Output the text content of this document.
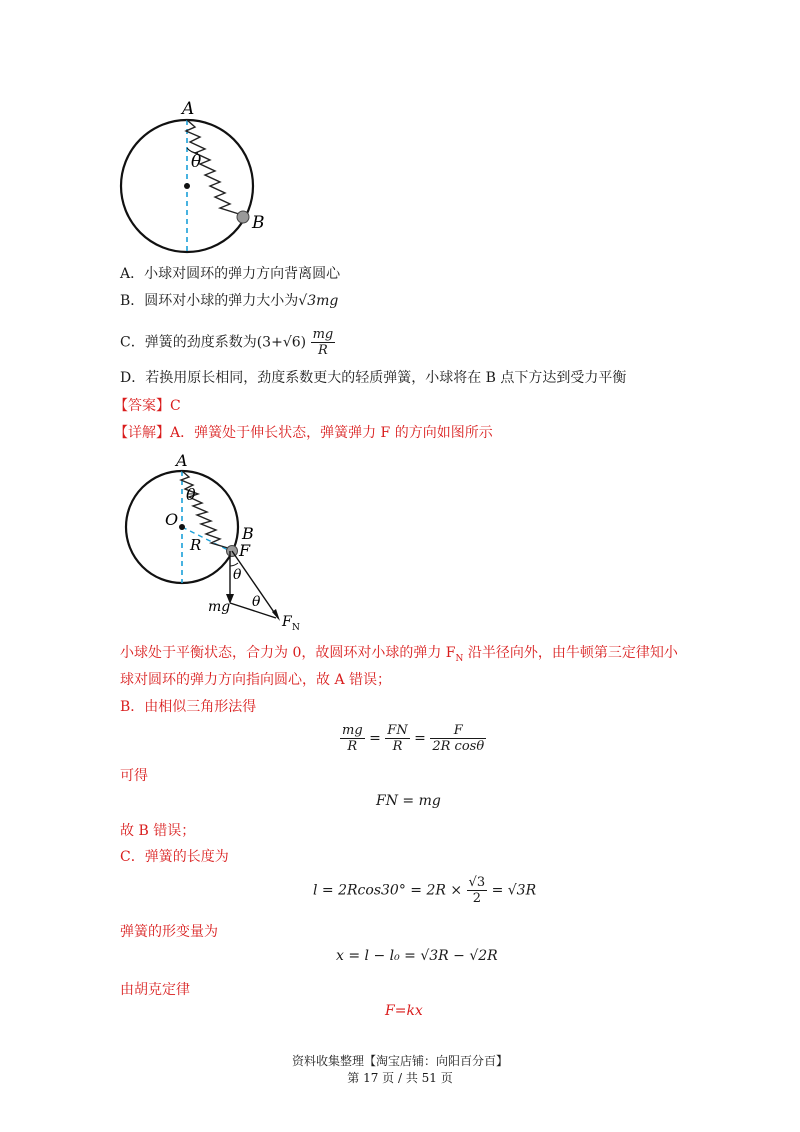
A
B
θ
A．小球对圆环的弹力方向背离圆心
B．圆环对小球的弹力大小为√3mg
C．弹簧的劲度系数为$(3+√6) \frac{mg}{R}$
D．若换用原长相同，劲度系数更大的轻质弹簧，小球将在 B 点下方达到受力平衡
【答案】C
【详解】A．弹簧处于伸长状态，弹簧弹力 F 的方向如图所示
A
O
R
B
F
θ
θ
θ
mg
F N
小球处于平衡状态，合力为 0，故圆环对小球的弹力 $F_N$ 沿半径向外，由牛顿第三定律知小
球对圆环的弹力方向指向圆心，故 A 错误；
B．由相似三角形法得
$\frac{mg}{R} = \frac{FN}{R} = \frac{F}{\text{2R cosθ}}$
可得
FN = mg
故 B 错误；
C．弹簧的长度为
$l = 2Rcos30^\circ = 2R \times \frac{√3}{2} = √3R$
弹簧的形变量为
x = l − l₀ = √3R − √2R
由胡克定律
F=kx
资料收集整理【淘宝店铺：向阳百分百】
第 17 页 / 共 51 页
